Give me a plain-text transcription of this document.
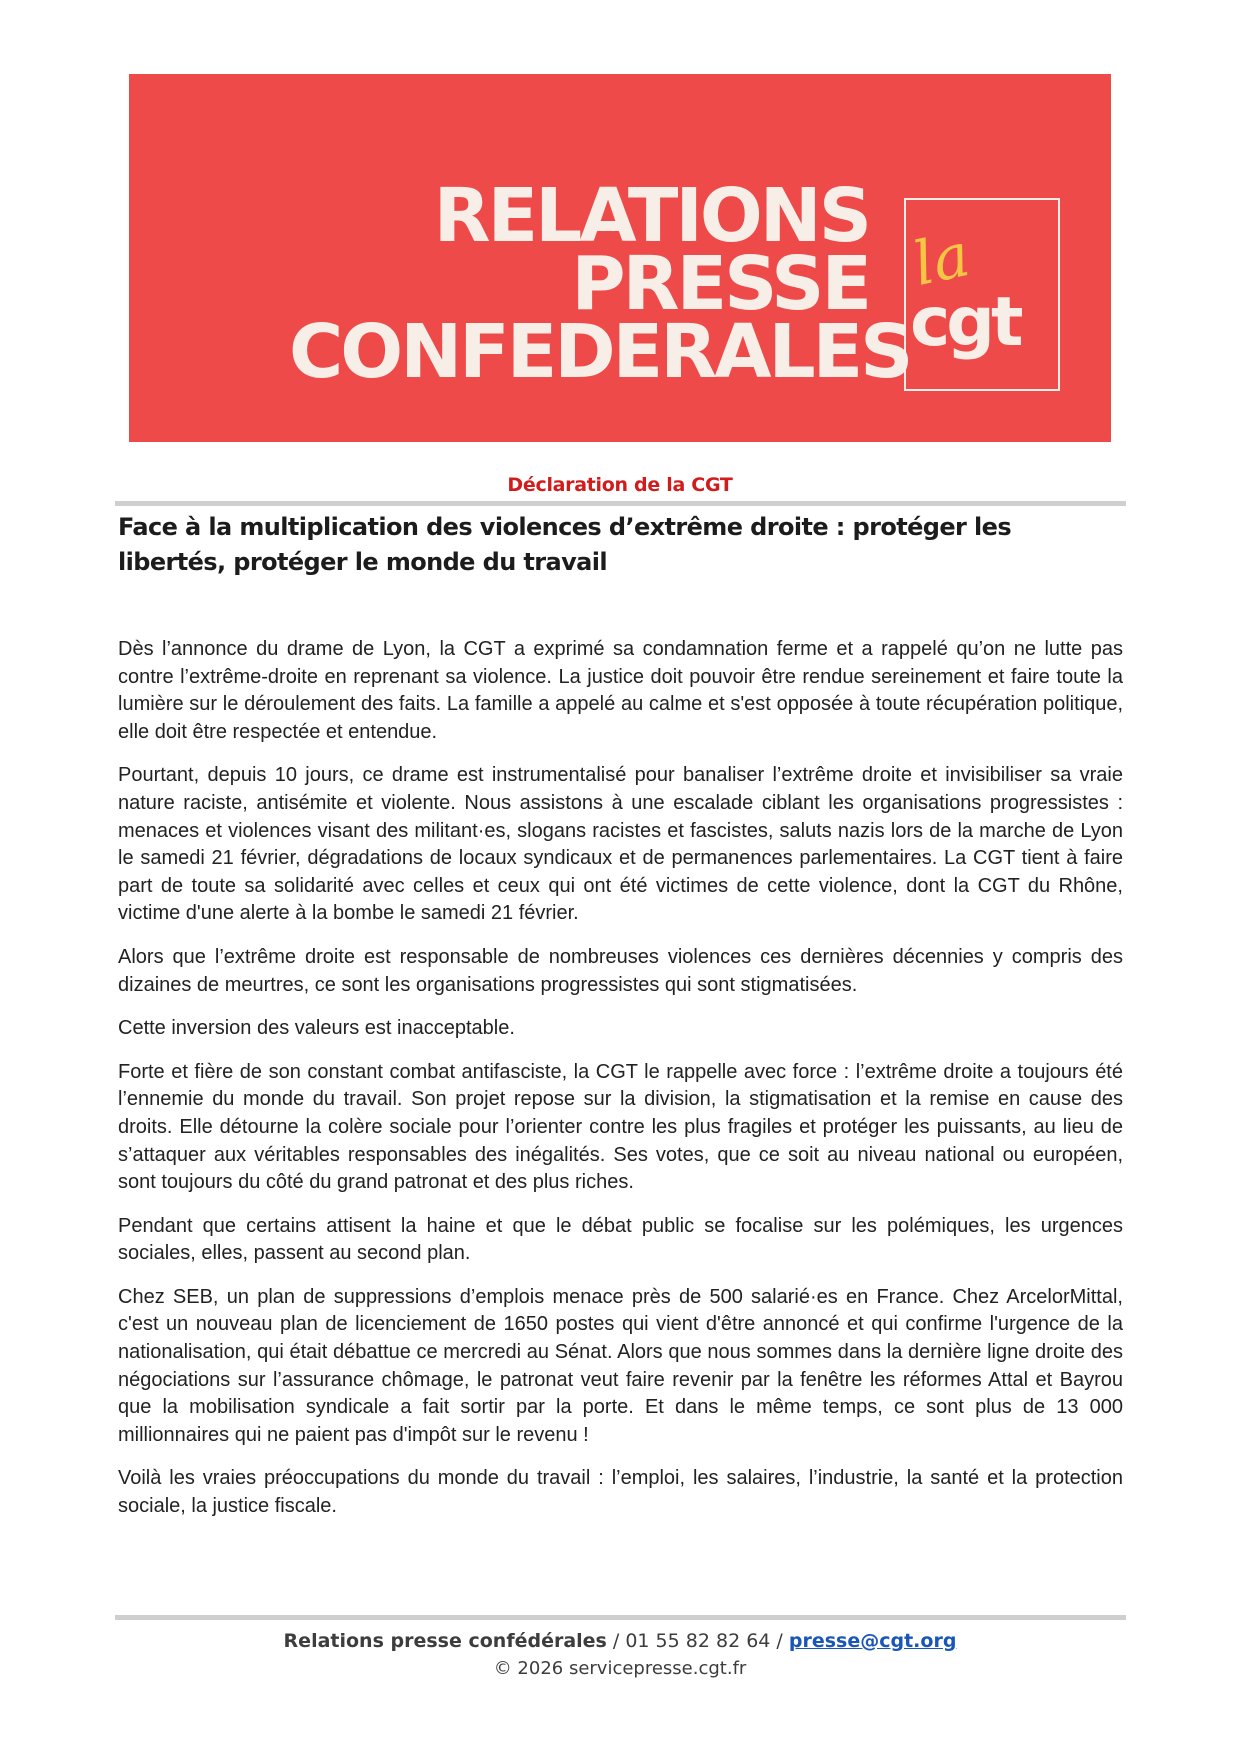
RELATIONS
PRESSE
CONFEDERALES
la
cgt
Déclaration de la CGT
Face à la multiplication des violences d’extrême droite : protéger les libertés, protéger le monde du travail

Dès l’annonce du drame de Lyon, la CGT a exprimé sa condamnation ferme et a rappelé qu’on ne lutte pas contre l’extrême-droite en reprenant sa violence. La justice doit pouvoir être rendue sereinement et faire toute la lumière sur le déroulement des faits. La famille a appelé au calme et s'est opposée à toute récupération politique, elle doit être respectée et entendue.

Pourtant, depuis 10 jours, ce drame est instrumentalisé pour banaliser l’extrême droite et invisibiliser sa vraie nature raciste, antisémite et violente. Nous assistons à une escalade ciblant les organisations progressistes : menaces et violences visant des militant·es, slogans racistes et fascistes, saluts nazis lors de la marche de Lyon le samedi 21 février, dégradations de locaux syndicaux et de permanences parlementaires. La CGT tient à faire part de toute sa solidarité avec celles et ceux qui ont été victimes de cette violence, dont la CGT du Rhône, victime d'une alerte à la bombe le samedi 21 février.

Alors que l’extrême droite est responsable de nombreuses violences ces dernières décennies y compris des dizaines de meurtres, ce sont les organisations progressistes qui sont stigmatisées.

Cette inversion des valeurs est inacceptable.

Forte et fière de son constant combat antifasciste, la CGT le rappelle avec force : l’extrême droite a toujours été l’ennemie du monde du travail. Son projet repose sur la division, la stigmatisation et la remise en cause des droits. Elle détourne la colère sociale pour l’orienter contre les plus fragiles et protéger les puissants, au lieu de s’attaquer aux véritables responsables des inégalités. Ses votes, que ce soit au niveau national ou européen, sont toujours du côté du grand patronat et des plus riches.

Pendant que certains attisent la haine et que le débat public se focalise sur les polémiques, les urgences sociales, elles, passent au second plan.

Chez SEB, un plan de suppressions d’emplois menace près de 500 salarié·es en France. Chez ArcelorMittal, c'est un nouveau plan de licenciement de 1650 postes qui vient d'être annoncé et qui confirme l'urgence de la nationalisation, qui était débattue ce mercredi au Sénat. Alors que nous sommes dans la dernière ligne droite des négociations sur l’assurance chômage, le patronat veut faire revenir par la fenêtre les réformes Attal et Bayrou que la mobilisation syndicale a fait sortir par la porte. Et dans le même temps, ce sont plus de 13 000 millionnaires qui ne paient pas d'impôt sur le revenu !

Voilà les vraies préoccupations du monde du travail : l’emploi, les salaires, l’industrie, la santé et la protection sociale, la justice fiscale.

Relations presse confédérales / 01 55 82 82 64 / presse@cgt.org
© 2026 servicepresse.cgt.fr
